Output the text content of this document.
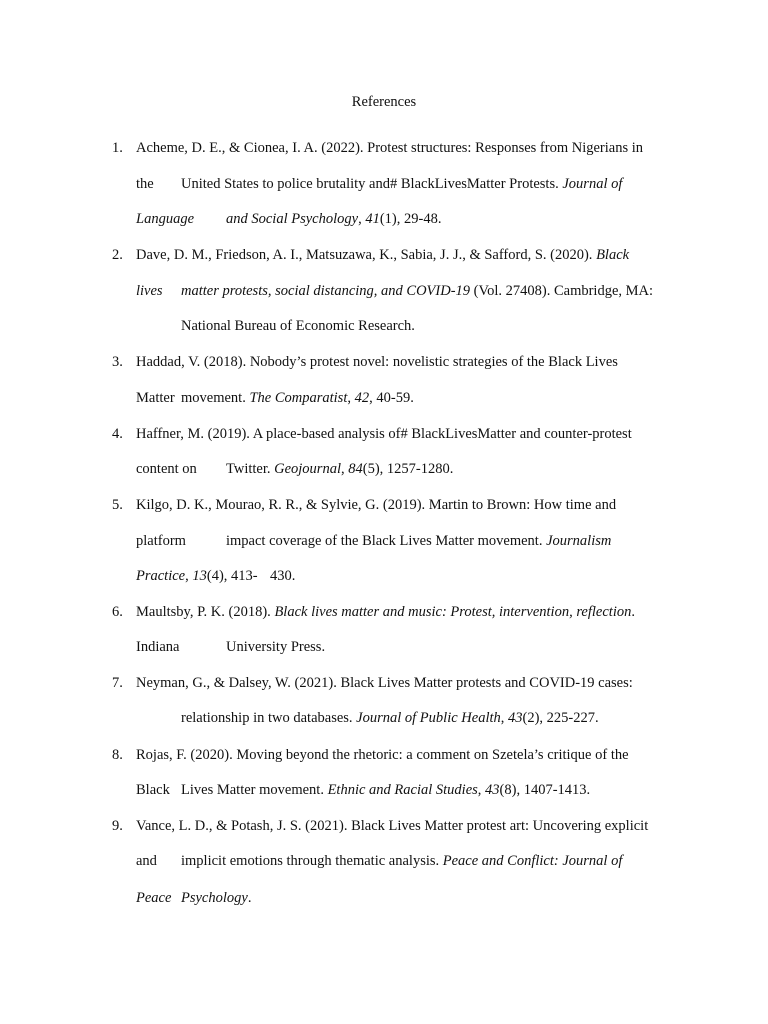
References
1. Acheme, D. E., & Cionea, I. A. (2022). Protest structures: Responses from Nigerians in
the United States to police brutality and# BlackLivesMatter Protests. Journal of
Language and Social Psychology, 41(1), 29-48.
2. Dave, D. M., Friedson, A. I., Matsuzawa, K., Sabia, J. J., & Safford, S. (2020). Black
lives matter protests, social distancing, and COVID-19 (Vol. 27408). Cambridge, MA:
National Bureau of Economic Research.
3. Haddad, V. (2018). Nobody’s protest novel: novelistic strategies of the Black Lives
Matter movement. The Comparatist, 42, 40-59.
4. Haffner, M. (2019). A place-based analysis of# BlackLivesMatter and counter-protest
content on Twitter. Geojournal, 84(5), 1257-1280.
5. Kilgo, D. K., Mourao, R. R., & Sylvie, G. (2019). Martin to Brown: How time and
platform	impact coverage of the Black Lives Matter movement. Journalism
Practice, 13(4), 413- 430.
6. Maultsby, P. K. (2018). Black lives matter and music: Protest, intervention, reflection.
Indiana	University Press.
7. Neyman, G., & Dalsey, W. (2021). Black Lives Matter protests and COVID-19 cases:
relationship in two databases. Journal of Public Health, 43(2), 225-227.
8. Rojas, F. (2020). Moving beyond the rhetoric: a comment on Szetela’s critique of the
Black Lives Matter movement. Ethnic and Racial Studies, 43(8), 1407-1413.
9. Vance, L. D., & Potash, J. S. (2021). Black Lives Matter protest art: Uncovering explicit
and implicit emotions through thematic analysis. Peace and Conflict: Journal of
Peace Psychology.
